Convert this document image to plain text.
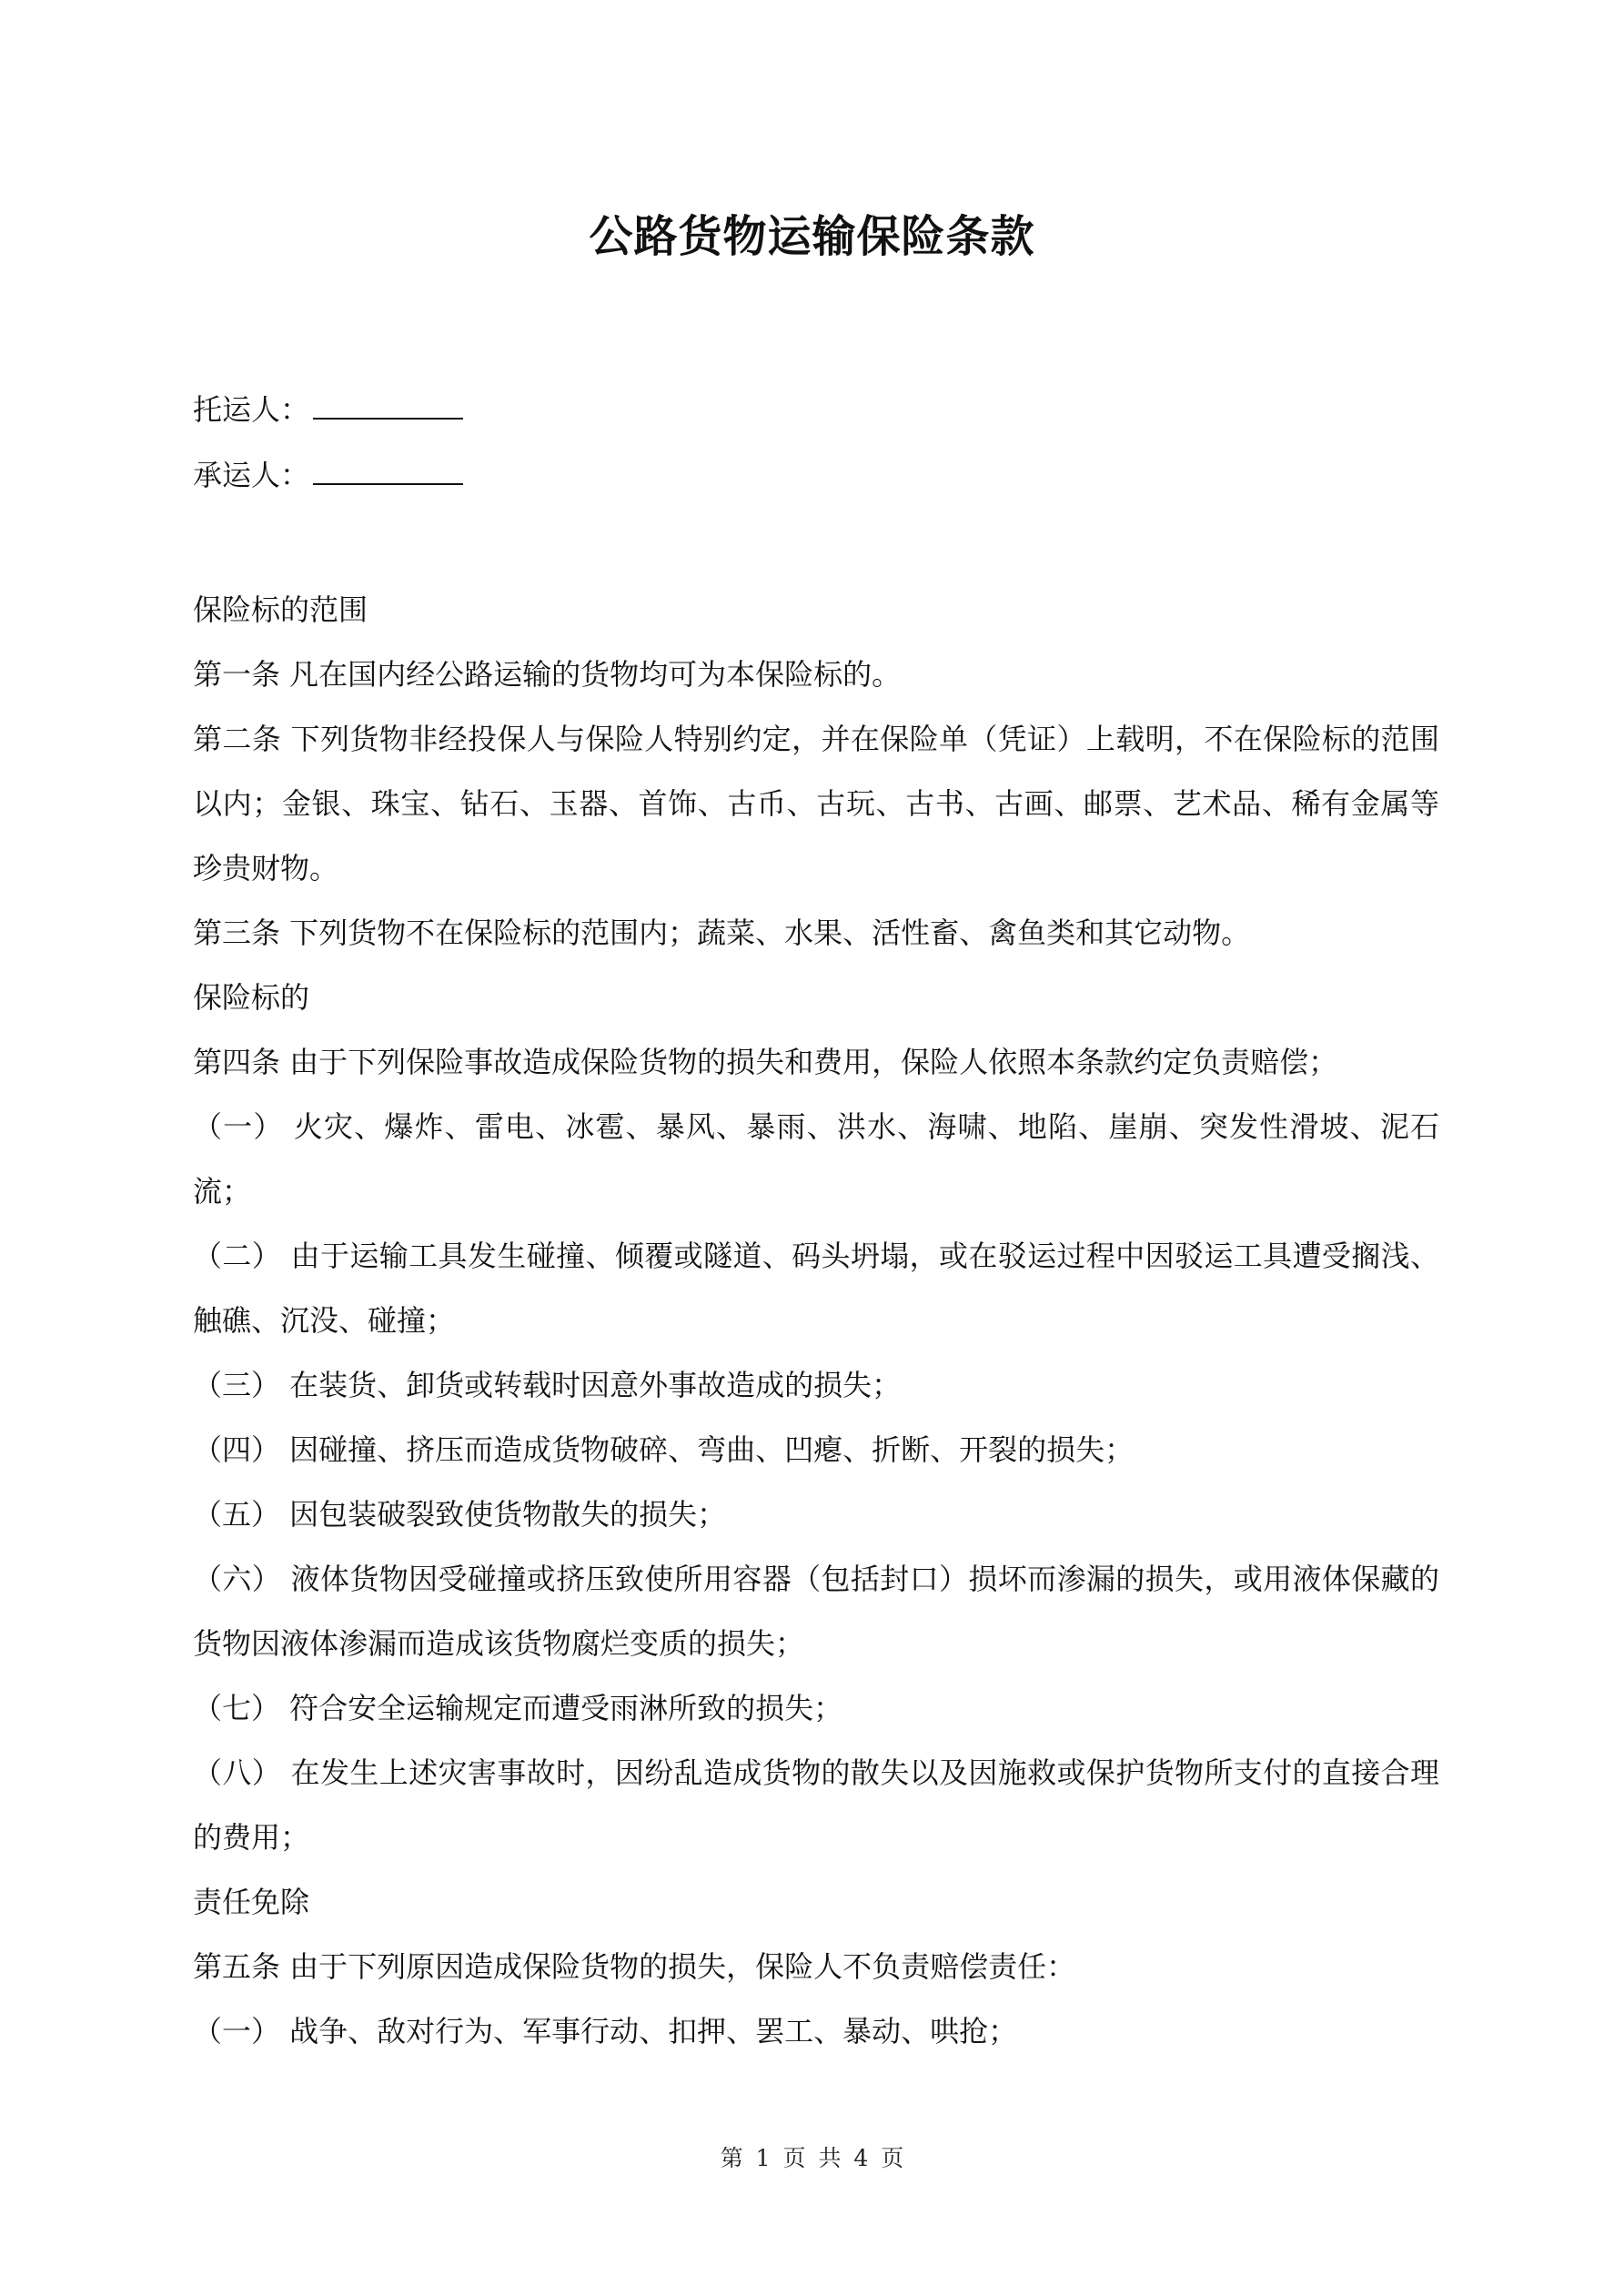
公路货物运输保险条款
托运人：
承运人：

保险标的范围

第一条 凡在国内经公路运输的货物均可为本保险标的。

第二条 下列货物非经投保人与保险人特别约定，并在保险单（凭证）上载明，不在保险标的范围以内；金银、珠宝、钻石、玉器、首饰、古币、古玩、古书、古画、邮票、艺术品、稀有金属等珍贵财物。

第三条 下列货物不在保险标的范围内；蔬菜、水果、活性畜、禽鱼类和其它动物。

保险标的

第四条 由于下列保险事故造成保险货物的损失和费用，保险人依照本条款约定负责赔偿；

（一） 火灾、爆炸、雷电、冰雹、暴风、暴雨、洪水、海啸、地陷、崖崩、突发性滑坡、泥石流；

（二） 由于运输工具发生碰撞、倾覆或隧道、码头坍塌，或在驳运过程中因驳运工具遭受搁浅、触礁、沉没、碰撞；

（三） 在装货、卸货或转载时因意外事故造成的损失；

（四） 因碰撞、挤压而造成货物破碎、弯曲、凹瘪、折断、开裂的损失；

（五） 因包装破裂致使货物散失的损失；

（六） 液体货物因受碰撞或挤压致使所用容器（包括封口）损坏而渗漏的损失，或用液体保藏的货物因液体渗漏而造成该货物腐烂变质的损失；

（七） 符合安全运输规定而遭受雨淋所致的损失；

（八） 在发生上述灾害事故时，因纷乱造成货物的散失以及因施救或保护货物所支付的直接合理的费用；

责任免除

第五条 由于下列原因造成保险货物的损失，保险人不负责赔偿责任：

（一） 战争、敌对行为、军事行动、扣押、罢工、暴动、哄抢；

第 1 页 共 4 页
